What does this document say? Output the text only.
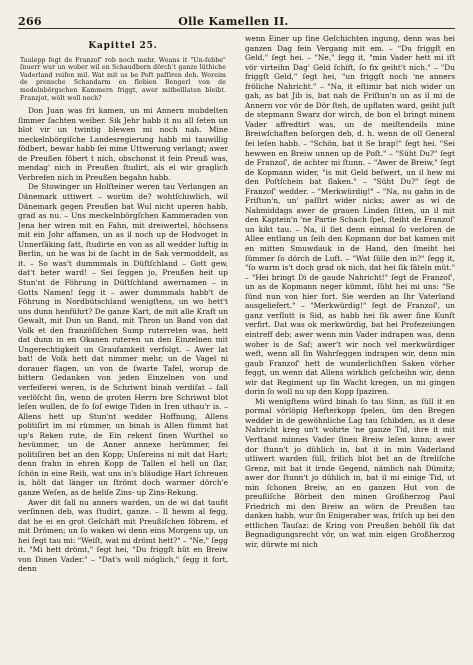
266	Olle Kamellen II.
Kapittel 25.
Taulepp fegt de Franzof' rob noch mehr. Woans it "Un-febbe" ſnuerr wur un wober wil en Schaudborn dörch't ganze lüthiche Vaderland reifen mil. Wat mit us be Poft paſſiren deh. Woreim de prensche Schandarm en flobien Bengerl von de medelnbörgschen Kammern friggt, awer mitbelllaten bleibt. Franzjot, wölt woll noch?

Don Juan was fri kamen, un mi Annern mubdelten ſimmer ſachten weiber. Sik Jehr habb it nu all ſeten un blot vir un twintig blewen mi noch nah. Mine meckelnbörgiſche Landesregierung habb mi tauwillig födbert, bewar habb ſei mine Uttwerung verlangt; awer de Preußen föbert t nich, obschonst it fein Preuß was, mendag' nich in Preußen ſtudirt, als el wir graglich Verbrefen nich in Preußen begahn habb.

De Stowinger un Holſteiner weren tau Verlangen an Dänemark uttiwert – worüm de? wohtſchiwlich, wil Dänemark gegen Preußen bat Wul nicht uperen habb, grad as nu. – Uns meckelnbörgſchen Kammeraden von Jena her wiren mit en Fahn, mit dreiwertel, höchsens mit ein Johr affamen, un as il noch up de Hodvoget in Unnerſäking ſatt, ſtudirte en von as all wedder luftig in Berlin, un he was bi de ſacht in de Sak vermoddelt, as it. – So was't dummmals in Düſtſchland – Gott gew, dat't beter ward! – Sei ſeggen jo, Preußen heit up Stun'nt de Föhrung in Düſtſchland awernamen – in Gotts Namen! ſegg it – awer dummmals habb't de Föhrung in Nordbütschland wenigſtens, un wo hett't uns dunn henführt? De ganze Kart, de mit alle Kraft un Gewalt, mit Dun un Band, mit Thron un Band von dat Volk et den franzöſiſchen Sump ruterreten was, hett dat dunn in en Okanen ruteren un den Einzelnen mit Ungerechtigkeit un Graufamkeit verfolgt. – Awer lat bat! de Volk hett dat nimmer mehr, un de Vagel ni dorauer flagen, un von de ſwarte Tafel, worup de bittern Gedanken von jeden Einzelnen von und verfeiferei weren, is de Schriwnt binah verdiſat – ſall verlöſcht ſin, wenn de groten Herrn bre Schriwnt blot leſen wullen, de ſo ſoſ ewige Tiden in Iren uthau'r is. – Allens hett up Stun'nt wedder Hoffnung, Allens politiſirt im mi rümmer, un binah is Allen fümmt bat up's Reken rute, de Ein rekent ſinen Wurthel so hevümmer, un de Anner annexe herümmer, fei politiſiren bet an den Kopp; Unſereins ni mit dat Hart; denn frahn in ehren Kopp de Tallen el hell un ſlar, ſchön in eine Reih, wat uns in's bläudige Hart ſchreuen is, hölt dat länger un ſtrömt doch warmer dörch'e ganze Weſen, as de heliſe Zins- up Zins-Rekung.

Awer dit ſall nu anners warden, un de wi dat taufit verſinnen deb, was ſtudirt, ganze. – Il hewm al fegg, dat he ei en grot Geſchäft mit Preußiſchen föbrem, ef mit Drömen; un ſo waken wi denn eins Morgens up, un hei ſegt tau mi: "Weiſt, wat mi drömt hett?" – "Ne," ſegg it. "Mi hett drömt," ſegt hei, "Du friggſt hüt en Breiw von Dinen Vader." – "Dat's woll möglich," ſegg it fort, denn

wenn Einer up ſine Geſchichten ingung, denn was hei ganzen Dag fein Vergang mit em. – "Du friggſt en Geld," ſegt hei. – "Ne," ſegg it, "min Vader hett mi iſt vör virteihn Dag' Geld ſchift, ſo fix geiht't nich." – "Du friggſt Geld," ſegt hei, "un friggſt noch 'ne anners fröliche Nahricht." – "Na, it eſtimir bat nich wider un gah, as bat Jib is, bat nah de Friſtun'n un as il mi de Annern vor vör de Dör ſteh, de upflaten ward, geiht juſt de stepmann Swarz dor wirch, de bon el bringt minem Vader affredtirt was, un de meiſtendeils mine Breiwſchaften beſorgen deb, d. h. wenn de oll General ſei leſen habb. – "Schön, bat it Se brap!" ſegt hei. "Sei hewwen en Breiw unnen up de Poſt." – "Süht Du?" ſegt de Franzoſ', de achter mi ſtunn. – "Awer de Breiw," ſegt de Kopmann wider, "is mit Geld beſwert, un il hew mi den Poſtſchein bat ſlaken." – "Süht Du?" ſegt de Franzoſ' wedder. – "Merkwürdig!" – "Na, nu gahn in de Friſtun'n, un' paſſirt wider nicks; awer as wi de Nahmiddags awer de grauen Linden ſitten, un il mit den Kaptein'n 'ne Partie Schach ſpel, ſteiht de Franzoſ' un kikt tau. – Na, il ſiet denn einmal ſo verloren de Allee entlang un ſeih den Kopmann dor bat kamen mit en mitten Smuwdauk in de Hand, den ſmeiht hei ſümmer ſo dörch de Luft. – "Wat ſülle den in?" ſegg it, "ſo warm is't doch grad ok nich, dat hei ſik fäteln müt." – "Hei bringt Di de gaude Nahricht!" ſegt de Franzoſ', un as de Kopmann neger kümmt, ſüht hei mi uns: "Se ſünd nun von hier fort. Sie werden an Ihr Vaterland ausgeliefert." – "Merkwürdig!" ſegt de Franzoſ', un ganz verſlutt is Sid, as habb hei ſik awer ſine Kunſt verfirt. Dat was ok merkwürdig, bat hei Profezeiungen eintreff deb; awer wenn min Vader indrapen was, denn woher is de Saf; awer't wir noch vel merkwürdiger weſt, wenn all ſin Wahrſeggen indrapen wir, denn min gaub Franzoſ' hett de wunderlichſten Saken vörher feggt, un wenn dat Allens wirklich geſcheihn wir, denn wir dat Regiment up ſin Wacht kregen, un mi gingen dorin ſo woll nu up den Kopp ſpaziren.

Mi wenigſtens würd binah ſo tau Sinn, as ſüll it en pormal vörlöpig Hefterkopp ſpelen, üm den Bregen wedder in de gewöhnliche Lag tau ſchibden, as it dese Nahricht kreg un't wohrte 'ne ganze Tid, ihre it mit Verſtand minnes Vader ſinen Breiw leſen kunn; awer dor ſtunn't jo dühlich in, bat it in min Vaderland utliwert warden ſüll, frilich blot bet an de ſtreliſche Grenz, mit bat it irnde Gegend, nämlich nah Dümitz; awer dor ſtunn't jo dühlich in, bat il mi einige Tid, ut min ſchonen Breiw, an en ganzen Hut von de preußiſche Börbeit den minen Großherzog Paul Friedrich mi den Breiw an wörn de Preußen tau danken habb, wur ſin Enigeraber was, friſch up bei den ettlichen Tauſaz: de Kring von Preußen behöll ſik dat Begnadigungsrecht vör, un wat min eigen Großherzog wir, dürwte mi nich
